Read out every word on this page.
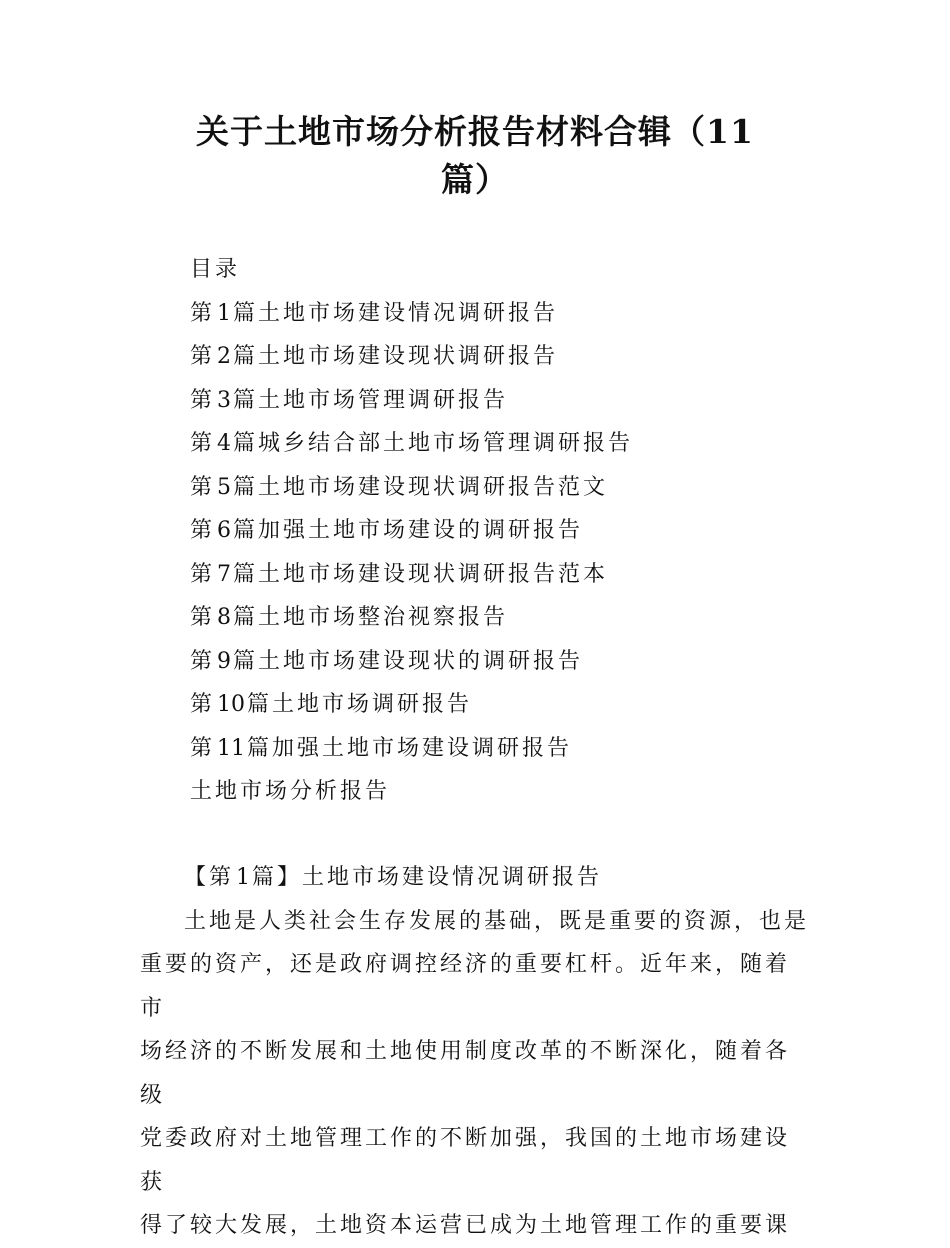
关于土地市场分析报告材料合辑（11
篇）
目录
第1篇土地市场建设情况调研报告
第2篇土地市场建设现状调研报告
第3篇土地市场管理调研报告
第4篇城乡结合部土地市场管理调研报告
第5篇土地市场建设现状调研报告范文
第6篇加强土地市场建设的调研报告
第7篇土地市场建设现状调研报告范本
第8篇土地市场整治视察报告
第9篇土地市场建设现状的调研报告
第10篇土地市场调研报告
第11篇加强土地市场建设调研报告
土地市场分析报告
【第1篇】土地市场建设情况调研报告

土地是人类社会生存发展的基础，既是重要的资源，也是
重要的资产，还是政府调控经济的重要杠杆。近年来，随着市
场经济的不断发展和土地使用制度改革的不断深化，随着各级
党委政府对土地管理工作的不断加强，我国的土地市场建设获
得了较大发展，土地资本运营已成为土地管理工作的重要课
